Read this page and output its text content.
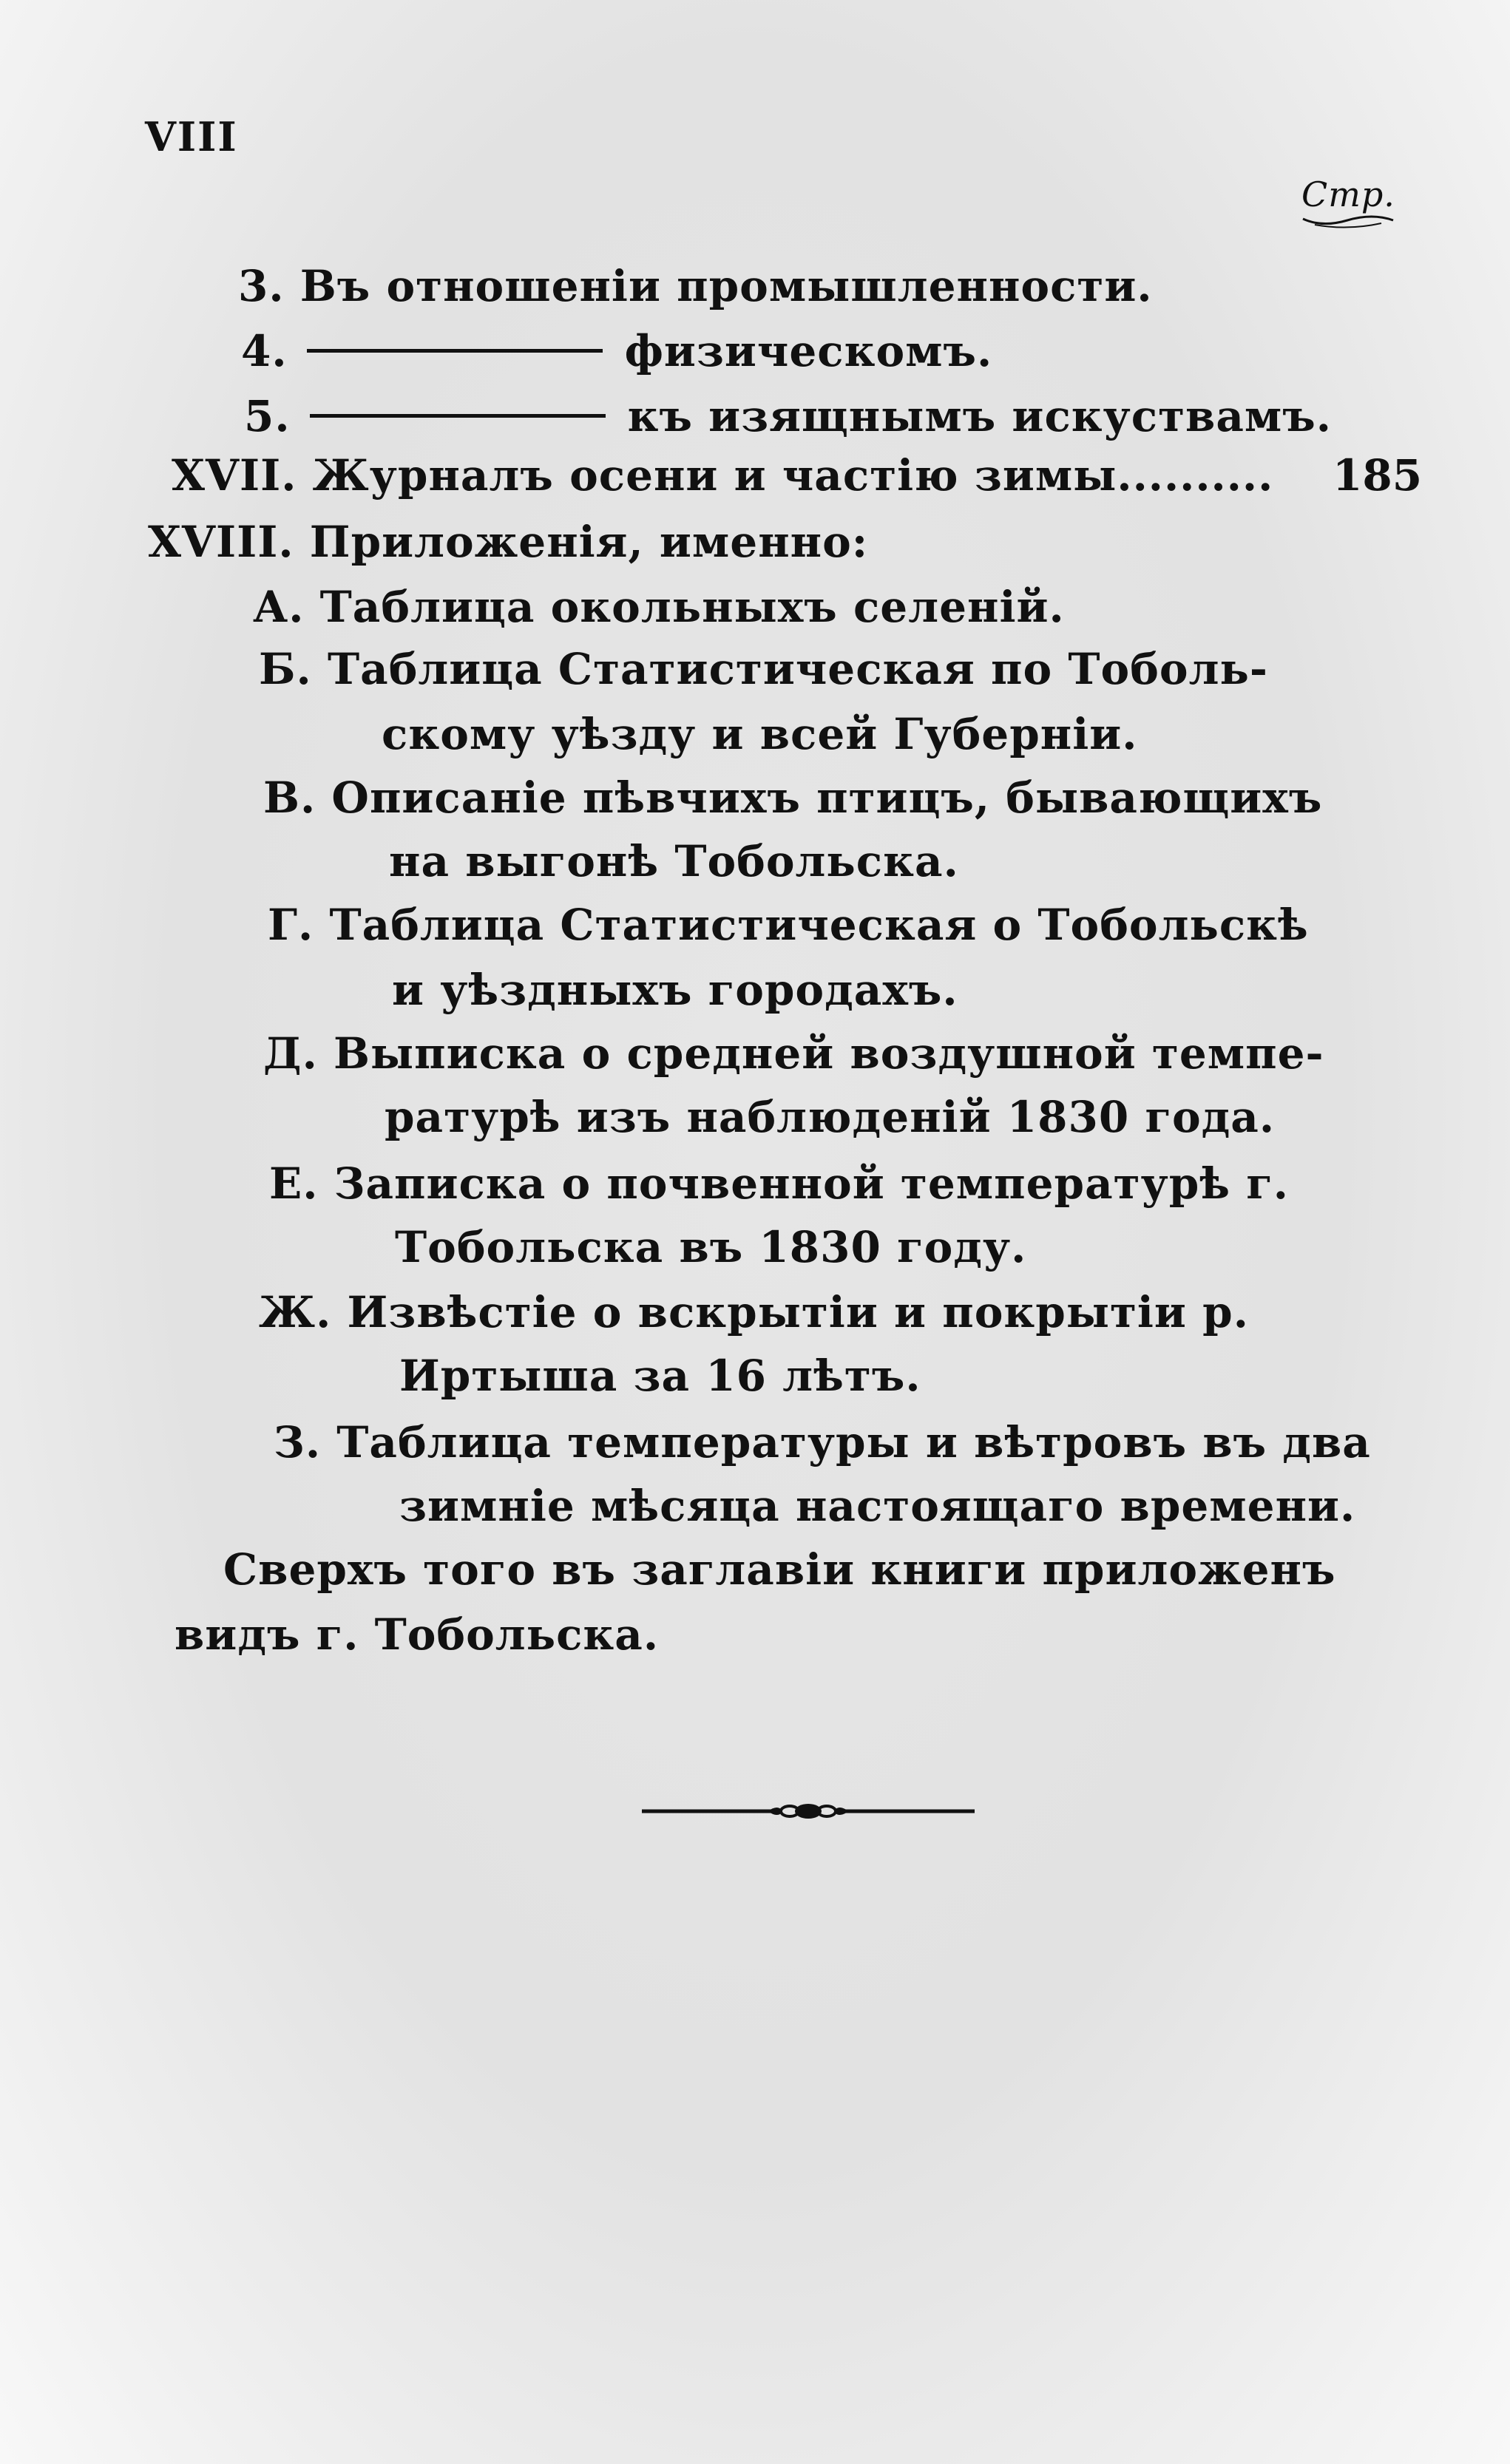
VIII
Стр.
3. Въ отношеніи промышленности.
4.	физическомъ.
5.	къ изящнымъ искуствамъ.
XVII. Журналъ осени и частію зимы.......... 185
XVIII. Приложенія, именно:
А. Таблица окольныхъ селеній.
Б. Таблица Статистическая по Тоболь-
скому уѣзду и всей Губерніи.
В. Описаніе пѣвчихъ птицъ, бывающихъ
на выгонѣ Тобольска.
Г. Таблица Статистическая о Тобольскѣ
и уѣздныхъ городахъ.
Д. Выписка о средней воздушной темпе-
ратурѣ изъ наблюденій 1830 года.
Е. Записка о почвенной температурѣ г.
Тобольска въ 1830 году.
Ж. Извѣстіе о вскрытіи и покрытіи р.
Иртыша за 16 лѣтъ.
З. Таблица температуры и вѣтровъ въ два
зимніе мѣсяца настоящаго времени.
Сверхъ того въ заглавіи книги приложенъ
видъ г. Тобольска.
